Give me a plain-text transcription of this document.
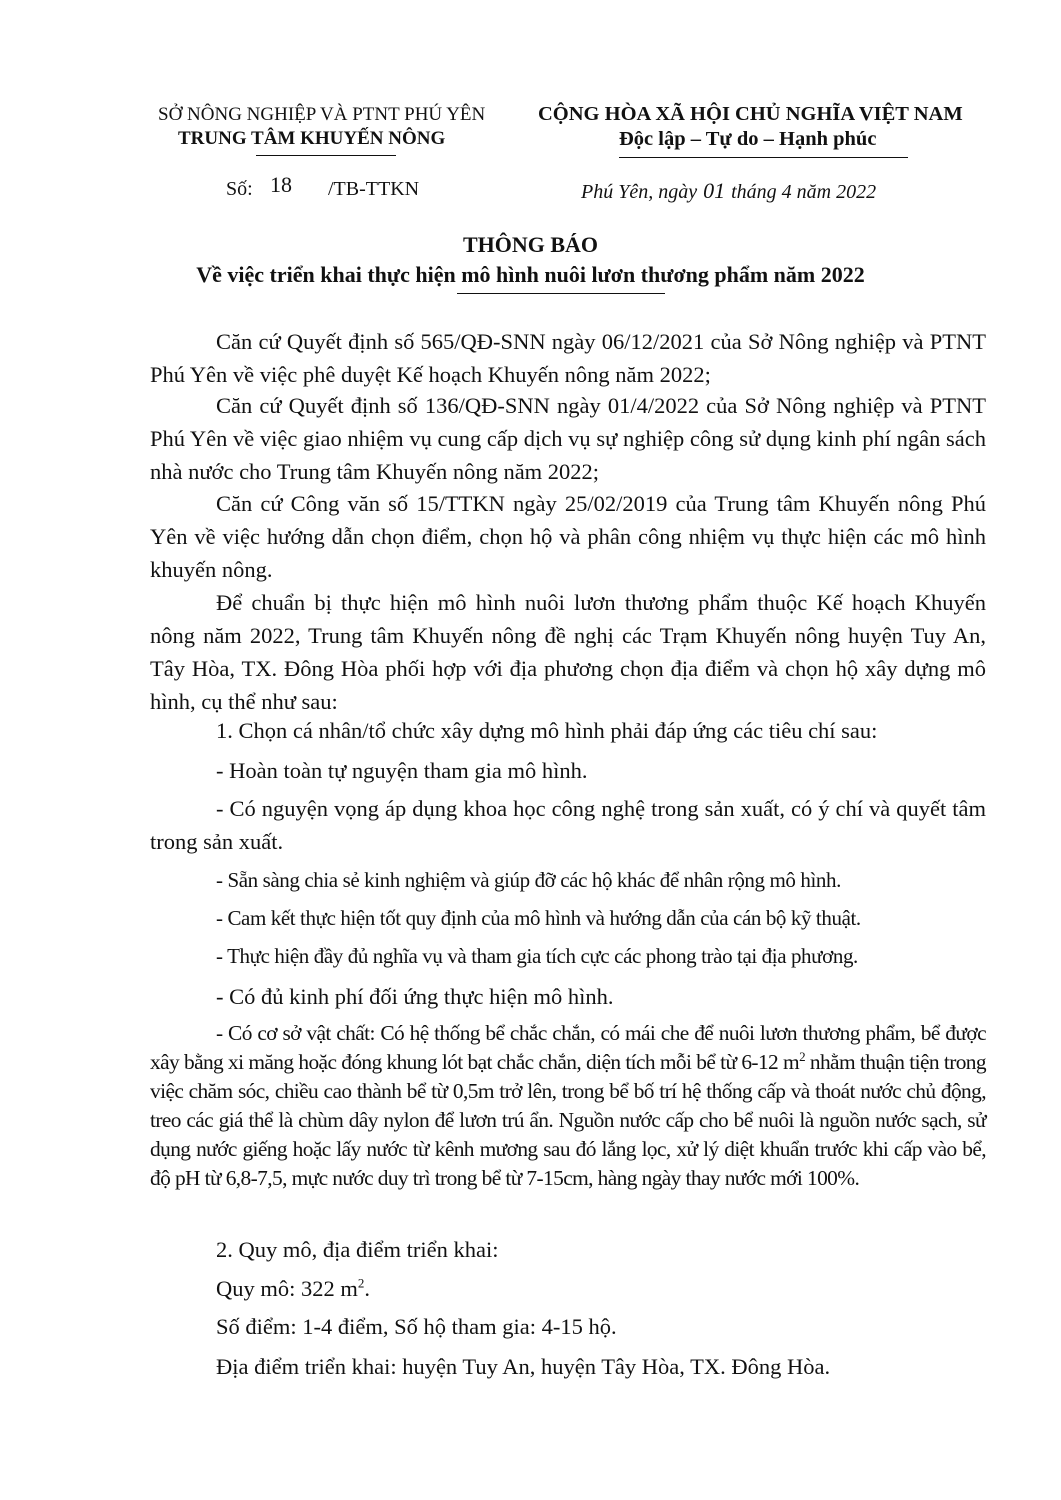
SỞ NÔNG NGHIỆP VÀ PTNT PHÚ YÊN
TRUNG TÂM KHUYẾN NÔNG
CỘNG HÒA XÃ HỘI CHỦ NGHĨA VIỆT NAM
Độc lập – Tự do – Hạnh phúc
Số: 18 /TB-TTKN	Phú Yên, ngày 01 tháng 4 năm 2022
THÔNG BÁO
Về việc triển khai thực hiện mô hình nuôi lươn thương phẩm năm 2022

Căn cứ Quyết định số 565/QĐ-SNN ngày 06/12/2021 của Sở Nông nghiệp và PTNT Phú Yên về việc phê duyệt Kế hoạch Khuyến nông năm 2022;

Căn cứ Quyết định số 136/QĐ-SNN ngày 01/4/2022 của Sở Nông nghiệp và PTNT Phú Yên về việc giao nhiệm vụ cung cấp dịch vụ sự nghiệp công sử dụng kinh phí ngân sách nhà nước cho Trung tâm Khuyến nông năm 2022;

Căn cứ Công văn số 15/TTKN ngày 25/02/2019 của Trung tâm Khuyến nông Phú Yên về việc hướng dẫn chọn điểm, chọn hộ và phân công nhiệm vụ thực hiện các mô hình khuyến nông.

Để chuẩn bị thực hiện mô hình nuôi lươn thương phẩm thuộc Kế hoạch Khuyến nông năm 2022, Trung tâm Khuyến nông đề nghị các Trạm Khuyến nông huyện Tuy An, Tây Hòa, TX. Đông Hòa phối hợp với địa phương chọn địa điểm và chọn hộ xây dựng mô hình, cụ thể như sau:

1. Chọn cá nhân/tổ chức xây dựng mô hình phải đáp ứng các tiêu chí sau:

- Hoàn toàn tự nguyện tham gia mô hình.

- Có nguyện vọng áp dụng khoa học công nghệ trong sản xuất, có ý chí và quyết tâm trong sản xuất.

- Sẵn sàng chia sẻ kinh nghiệm và giúp đỡ các hộ khác để nhân rộng mô hình.

- Cam kết thực hiện tốt quy định của mô hình và hướng dẫn của cán bộ kỹ thuật.

- Thực hiện đầy đủ nghĩa vụ và tham gia tích cực các phong trào tại địa phương.

- Có đủ kinh phí đối ứng thực hiện mô hình.

- Có cơ sở vật chất: Có hệ thống bể chắc chắn, có mái che để nuôi lươn thương phẩm, bể được xây bằng xi măng hoặc đóng khung lót bạt chắc chắn, diện tích mỗi bể từ 6-12 $m^2$ nhằm thuận tiện trong việc chăm sóc, chiều cao thành bể từ 0,5m trở lên, trong bể bố trí hệ thống cấp và thoát nước chủ động, treo các giá thể là chùm dây nylon để lươn trú ẩn. Nguồn nước cấp cho bể nuôi là nguồn nước sạch, sử dụng nước giếng hoặc lấy nước từ kênh mương sau đó lắng lọc, xử lý diệt khuẩn trước khi cấp vào bể, độ pH từ 6,8-7,5, mực nước duy trì trong bể từ 7-15cm, hàng ngày thay nước mới 100%.

2. Quy mô, địa điểm triển khai:

Quy mô: 322 $m^2$.

Số điểm: 1-4 điểm, Số hộ tham gia: 4-15 hộ.

Địa điểm triển khai: huyện Tuy An, huyện Tây Hòa, TX. Đông Hòa.
